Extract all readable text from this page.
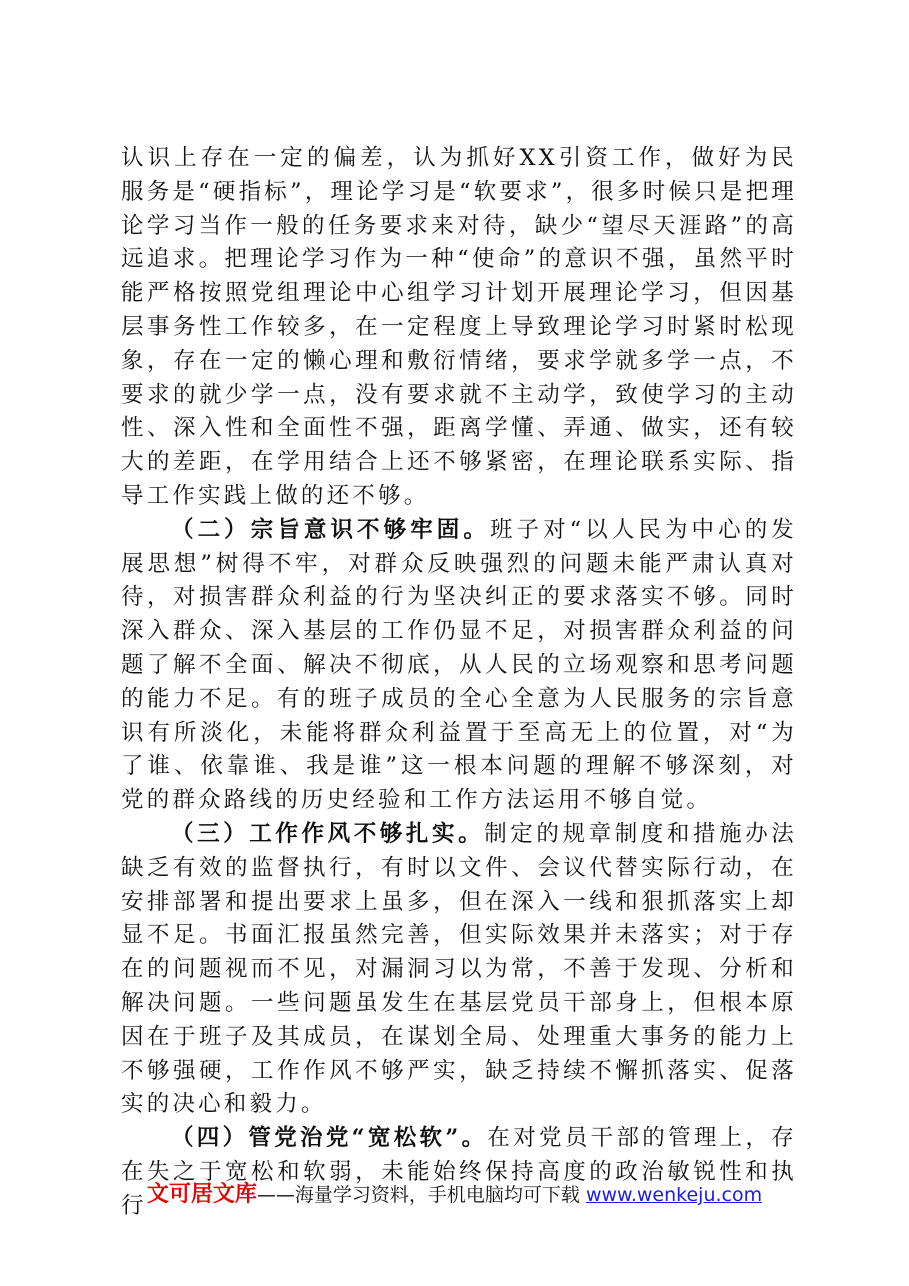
认识上存在一定的偏差，认为抓好XX引资工作，做好为民服务是“硬指标”，理论学习是“软要求”，很多时候只是把理论学习当作一般的任务要求来对待，缺少“望尽天涯路”的高远追求。把理论学习作为一种“使命”的意识不强，虽然平时能严格按照党组理论中心组学习计划开展理论学习，但因基层事务性工作较多，在一定程度上导致理论学习时紧时松现象，存在一定的懒心理和敷衍情绪，要求学就多学一点，不要求的就少学一点，没有要求就不主动学，致使学习的主动性、深入性和全面性不强，距离学懂、弄通、做实，还有较大的差距，在学用结合上还不够紧密，在理论联系实际、指导工作实践上做的还不够。

（二）宗旨意识不够牢固。班子对“以人民为中心的发展思想”树得不牢，对群众反映强烈的问题未能严肃认真对待，对损害群众利益的行为坚决纠正的要求落实不够。同时深入群众、深入基层的工作仍显不足，对损害群众利益的问题了解不全面、解决不彻底，从人民的立场观察和思考问题的能力不足。有的班子成员的全心全意为人民服务的宗旨意识有所淡化，未能将群众利益置于至高无上的位置，对“为了谁、依靠谁、我是谁”这一根本问题的理解不够深刻，对党的群众路线的历史经验和工作方法运用不够自觉。

（三）工作作风不够扎实。制定的规章制度和措施办法缺乏有效的监督执行，有时以文件、会议代替实际行动，在安排部署和提出要求上虽多，但在深入一线和狠抓落实上却显不足。书面汇报虽然完善，但实际效果并未落实；对于存在的问题视而不见，对漏洞习以为常，不善于发现、分析和解决问题。一些问题虽发生在基层党员干部身上，但根本原因在于班子及其成员，在谋划全局、处理重大事务的能力上不够强硬，工作作风不够严实，缺乏持续不懈抓落实、促落实的决心和毅力。

（四）管党治党“宽松软”。在对党员干部的管理上，存在失之于宽松和软弱，未能始终保持高度的政治敏锐性和执行 文可居文库——海量学习资料，手机电脑均可下载 www.wenkeju.com
